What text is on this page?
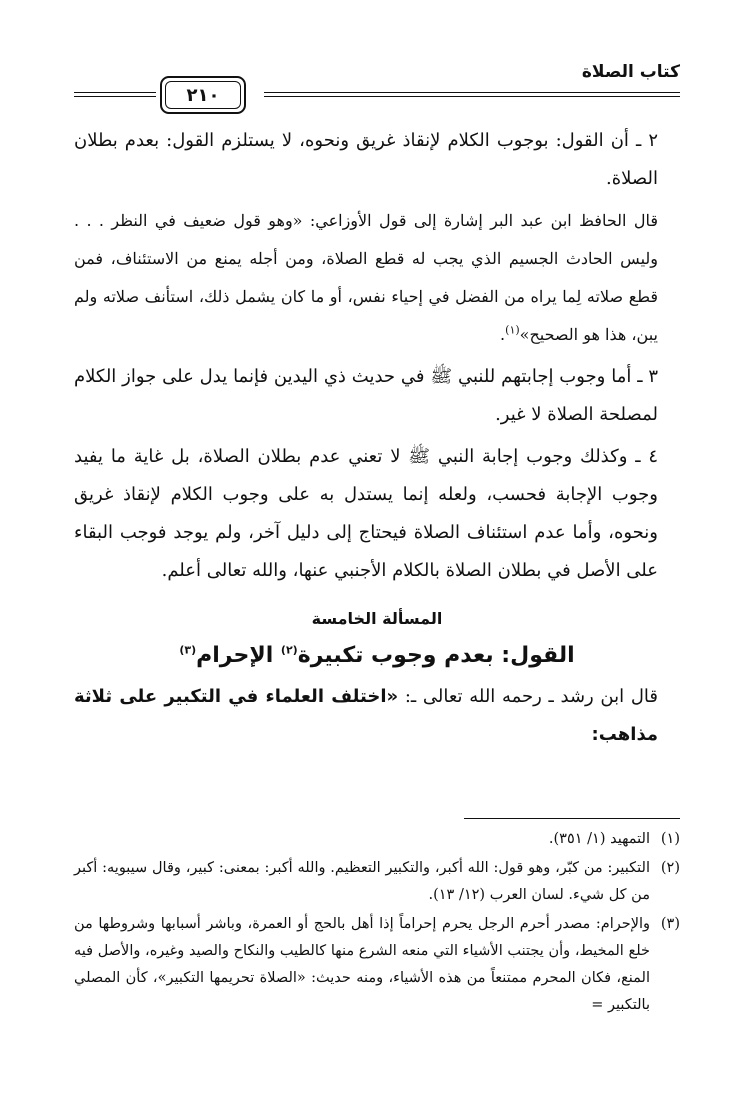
كتاب الصلاة
٢١٠

٢ ـ أن القول: بوجوب الكلام لإنقاذ غريق ونحوه، لا يستلزم القول: بعدم بطلان الصلاة.

قال الحافظ ابن عبد البر إشارة إلى قول الأوزاعي: «وهو قول ضعيف في النظر . . . وليس الحادث الجسيم الذي يجب له قطع الصلاة، ومن أجله يمنع من الاستئناف، فمن قطع صلاته لِما يراه من الفضل في إحياء نفس، أو ما كان يشمل ذلك، استأنف صلاته ولم يبن، هذا هو الصحيح»$^{(١)}$.

٣ ـ أما وجوب إجابتهم للنبي ﷺ في حديث ذي اليدين فإنما يدل على جواز الكلام لمصلحة الصلاة لا غير.

٤ ـ وكذلك وجوب إجابة النبي ﷺ لا تعني عدم بطلان الصلاة، بل غاية ما يفيد وجوب الإجابة فحسب، ولعله إنما يستدل به على وجوب الكلام لإنقاذ غريق ونحوه، وأما عدم استئناف الصلاة فيحتاج إلى دليل آخر، ولم يوجد فوجب البقاء على الأصل في بطلان الصلاة بالكلام الأجنبي عنها، والله تعالى أعلم.

المسألة الخامسة
القول: بعدم وجوب تكبيرة$^{(٢)}$ الإحرام$^{(٣)}$

قال ابن رشد ـ رحمه الله تعالى ـ: «اختلف العلماء في التكبير على ثلاثة مذاهب:

(١)
التمهيد (١/ ٣٥١).
(٢)
التكبير: من كبّر، وهو قول: الله أكبر، والتكبير التعظيم. والله أكبر: بمعنى: كبير، وقال سيبويه: أكبر من كل شيء. لسان العرب (١٢/ ١٣).
(٣)
والإحرام: مصدر أحرم الرجل يحرم إحراماً إذا أهل بالحج أو العمرة، وباشر أسبابها وشروطها من خلع المخيط، وأن يجتنب الأشياء التي منعه الشرع منها كالطيب والنكاح والصيد وغيره، والأصل فيه المنع، فكان المحرم ممتنعاً من هذه الأشياء، ومنه حديث: «الصلاة تحريمها التكبير»، كأن المصلي بالتكبير =
